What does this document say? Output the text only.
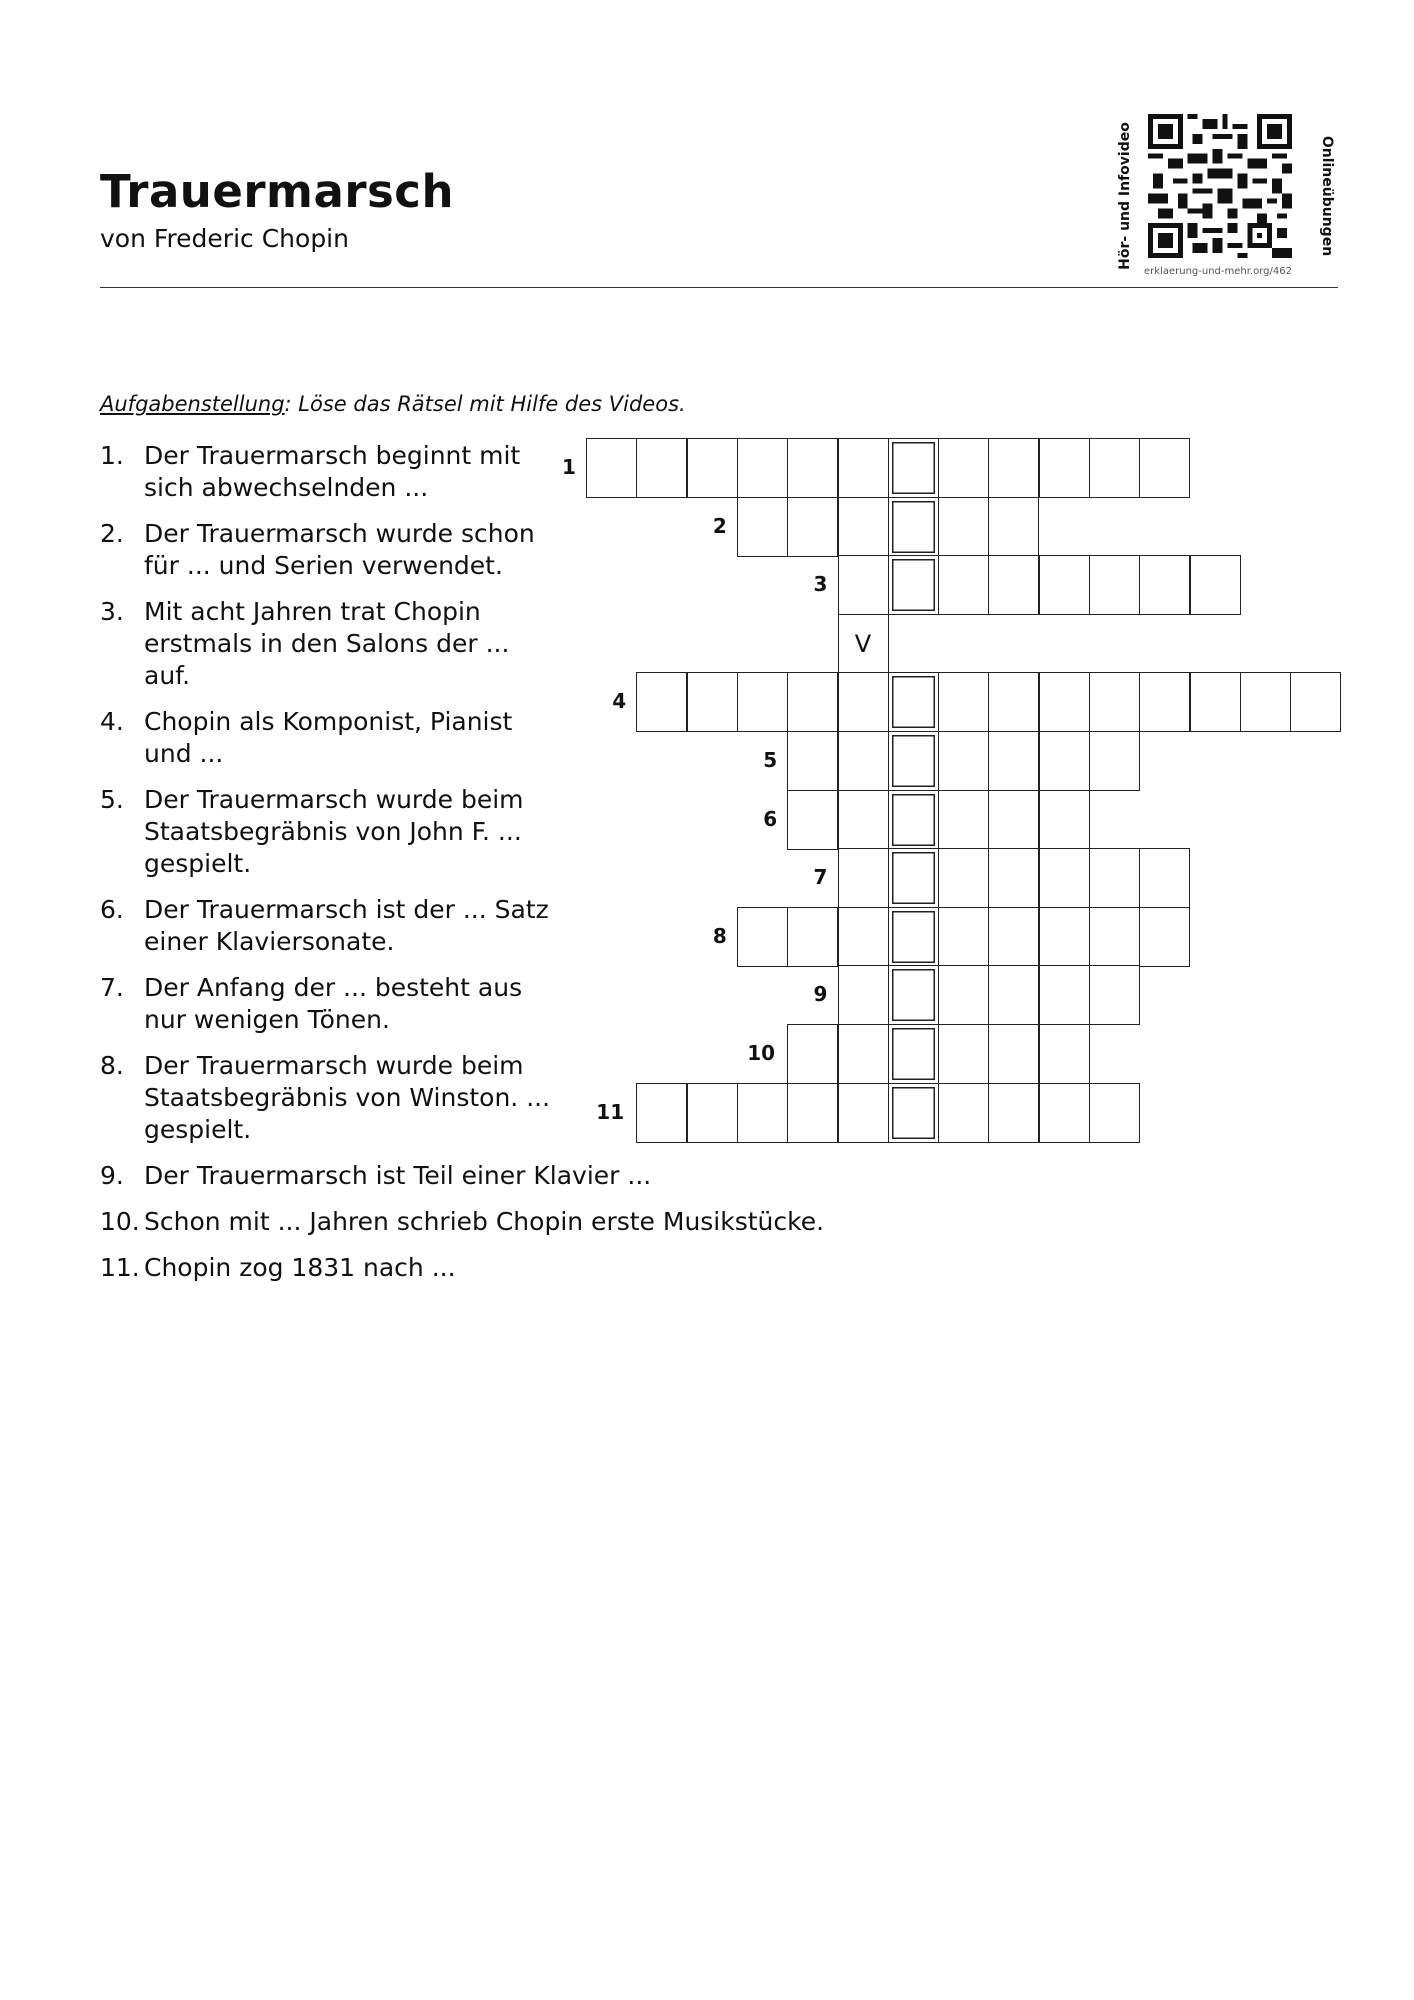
Trauermarsch

von Frederic Chopin	Hör- und Infovideo	Onlineübungen
erklaerung-und-mehr.org/462
Aufgabenstellung: Löse das Rätsel mit Hilfe des Videos.
1. Der Trauermarsch beginnt mit sich abwechselnden ...
2. Der Trauermarsch wurde schon für ... und Serien verwendet.
3. Mit acht Jahren trat Chopin erstmals in den Salons der ... auf.
4. Chopin als Komponist, Pianist und ...
5. Der Trauermarsch wurde beim Staatsbegräbnis von John F. ... gespielt.
6. Der Trauermarsch ist der ... Satz einer Klaviersonate.
7. Der Anfang der ... besteht aus nur wenigen Tönen.
8. Der Trauermarsch wurde beim Staatsbegräbnis von Winston. ... gespielt.
9. Der Trauermarsch ist Teil einer Klavier ...
10. Schon mit ... Jahren schrieb Chopin erste Musikstücke.
11. Chopin zog 1831 nach ...
1
2
3
V
4
5
6
7
8
9
10
11
